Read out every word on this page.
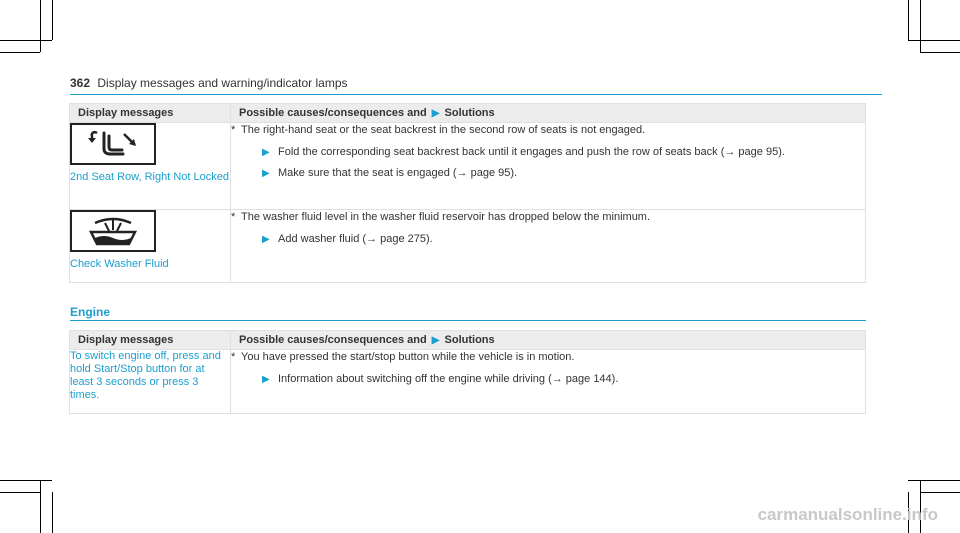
362 Display messages and warning/indicator lamps
Display messages	Possible causes/consequences and ▶ Solutions

2nd Seat Row, Right Not Locked	* The right-hand seat or the seat backrest in the second row of seats is not engaged.
▶ Fold the corresponding seat backrest back until it engages and push the row of seats back (→ page 95).
▶ Make sure that the seat is engaged (→ page 95).

Check Washer Fluid	* The washer fluid level in the washer fluid reservoir has dropped below the minimum.
▶ Add washer fluid (→ page 275).
Engine
Display messages	Possible causes/consequences and ▶ Solutions

To switch engine off, press and hold Start/Stop button for at least 3 seconds or press 3 times.	* You have pressed the start/stop button while the vehicle is in motion.
▶ Information about switching off the engine while driving (→ page 144).
carmanualsonline.info
